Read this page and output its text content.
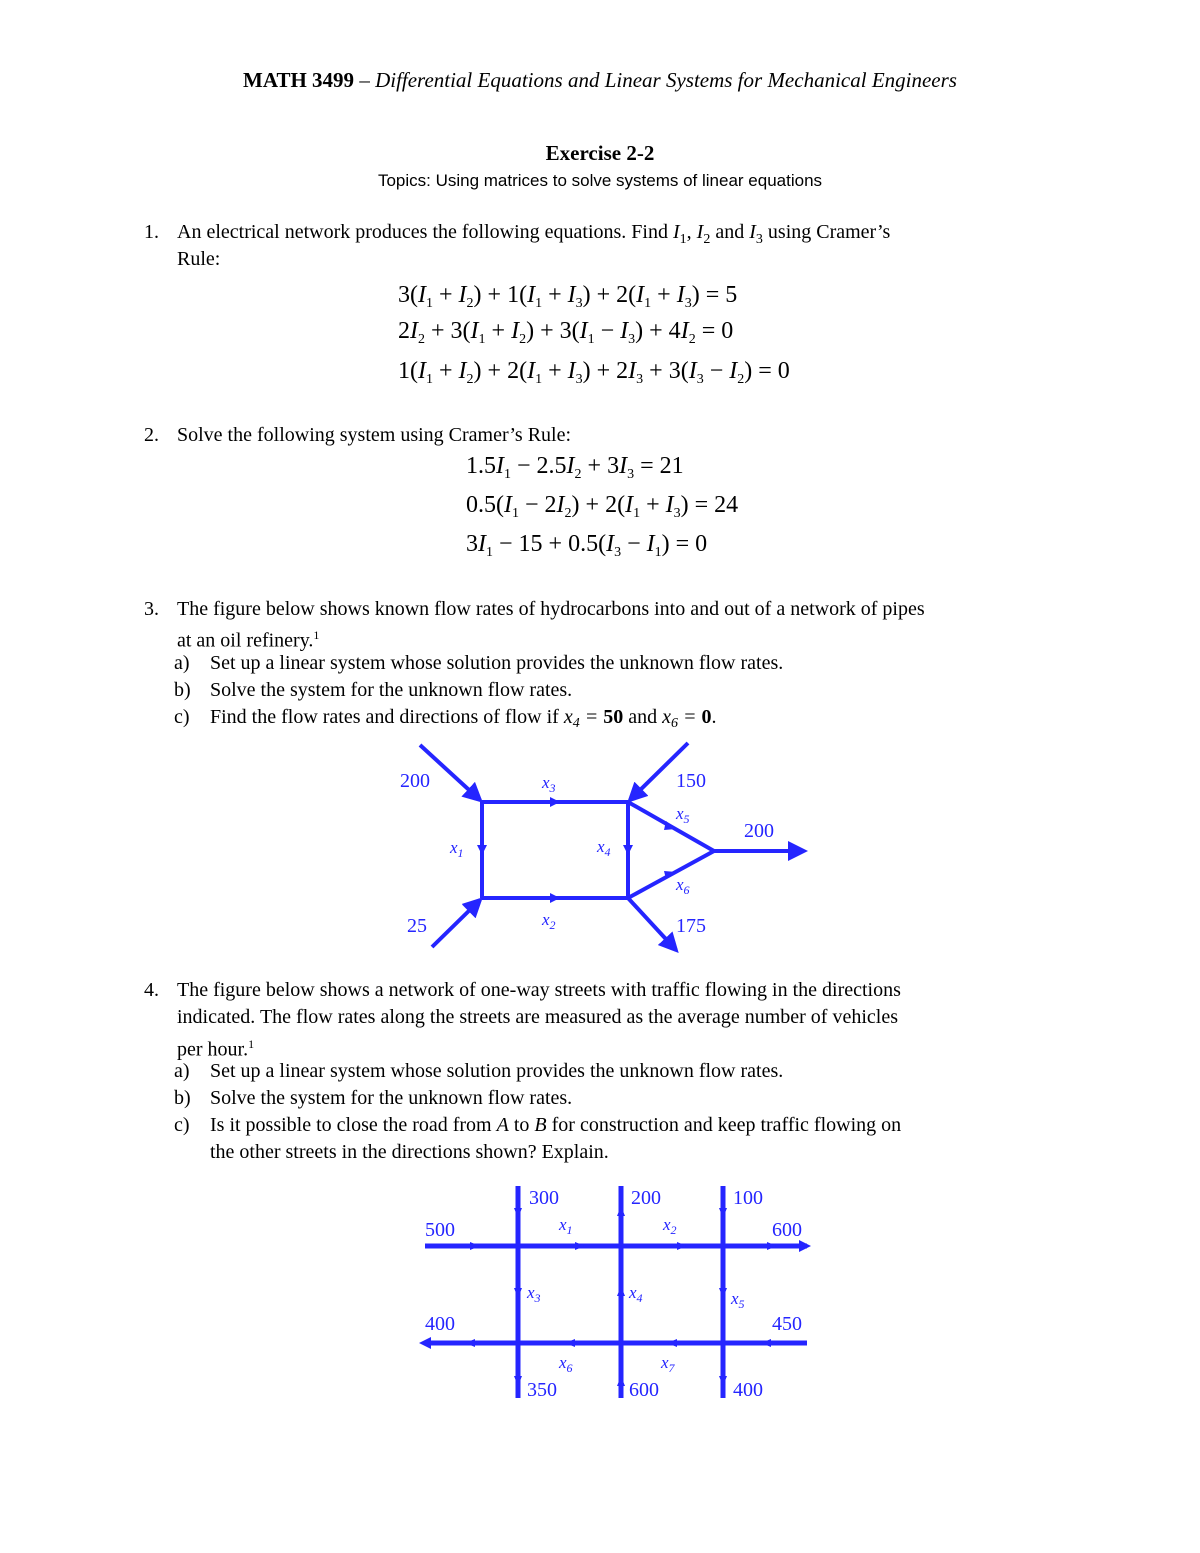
MATH 3499 – Differential Equations and Linear Systems for Mechanical Engineers
Exercise 2-2
Topics: Using matrices to solve systems of linear equations
1. An electrical network produces the following equations. Find $I_1$, $I_2$ and $I_3$ using Cramer’s
Rule:
$3(I_1 + I_2) + 1(I_1 + I_3) + 2(I_1 + I_3) = 5$
$2I_2 + 3(I_1 + I_2) + 3(I_1 - I_3) + 4I_2 = 0$
$1(I_1 + I_2) + 2(I_1 + I_3) + 2I_3 + 3(I_3 - I_2) = 0$
2. Solve the following system using Cramer’s Rule:
$1.5I_1 - 2.5I_2 + 3I_3 = 21$
$0.5(I_1 - 2I_2) + 2(I_1 + I_3) = 24$
$3I_1 - 15 + 0.5(I_3 - I_1) = 0$
3. The figure below shows known flow rates of hydrocarbons into and out of a network of pipes
at an oil refinery.$^1$
a) Set up a linear system whose solution provides the unknown flow rates.
b) Solve the system for the unknown flow rates.
c) Find the flow rates and directions of flow if $x_4 = 50$ and $x_6 = 0$.
200	150
200
25	175
$x_3$
$x_2$
$x_1$	$x_4$
$x_5$
$x_6$
4. The figure below shows a network of one-way streets with traffic flowing in the directions
indicated. The flow rates along the streets are measured as the average number of vehicles
per hour.$^1$
a) Set up a linear system whose solution provides the unknown flow rates.
b) Solve the system for the unknown flow rates.
c) Is it possible to close the road from A to B for construction and keep traffic flowing on
the other streets in the directions shown? Explain.
300	200	100
500	600
400	450
350	600	400
$x_1$	$x_2$
$x_3$	$x_4$	$x_5$
$x_6$	$x_7$
